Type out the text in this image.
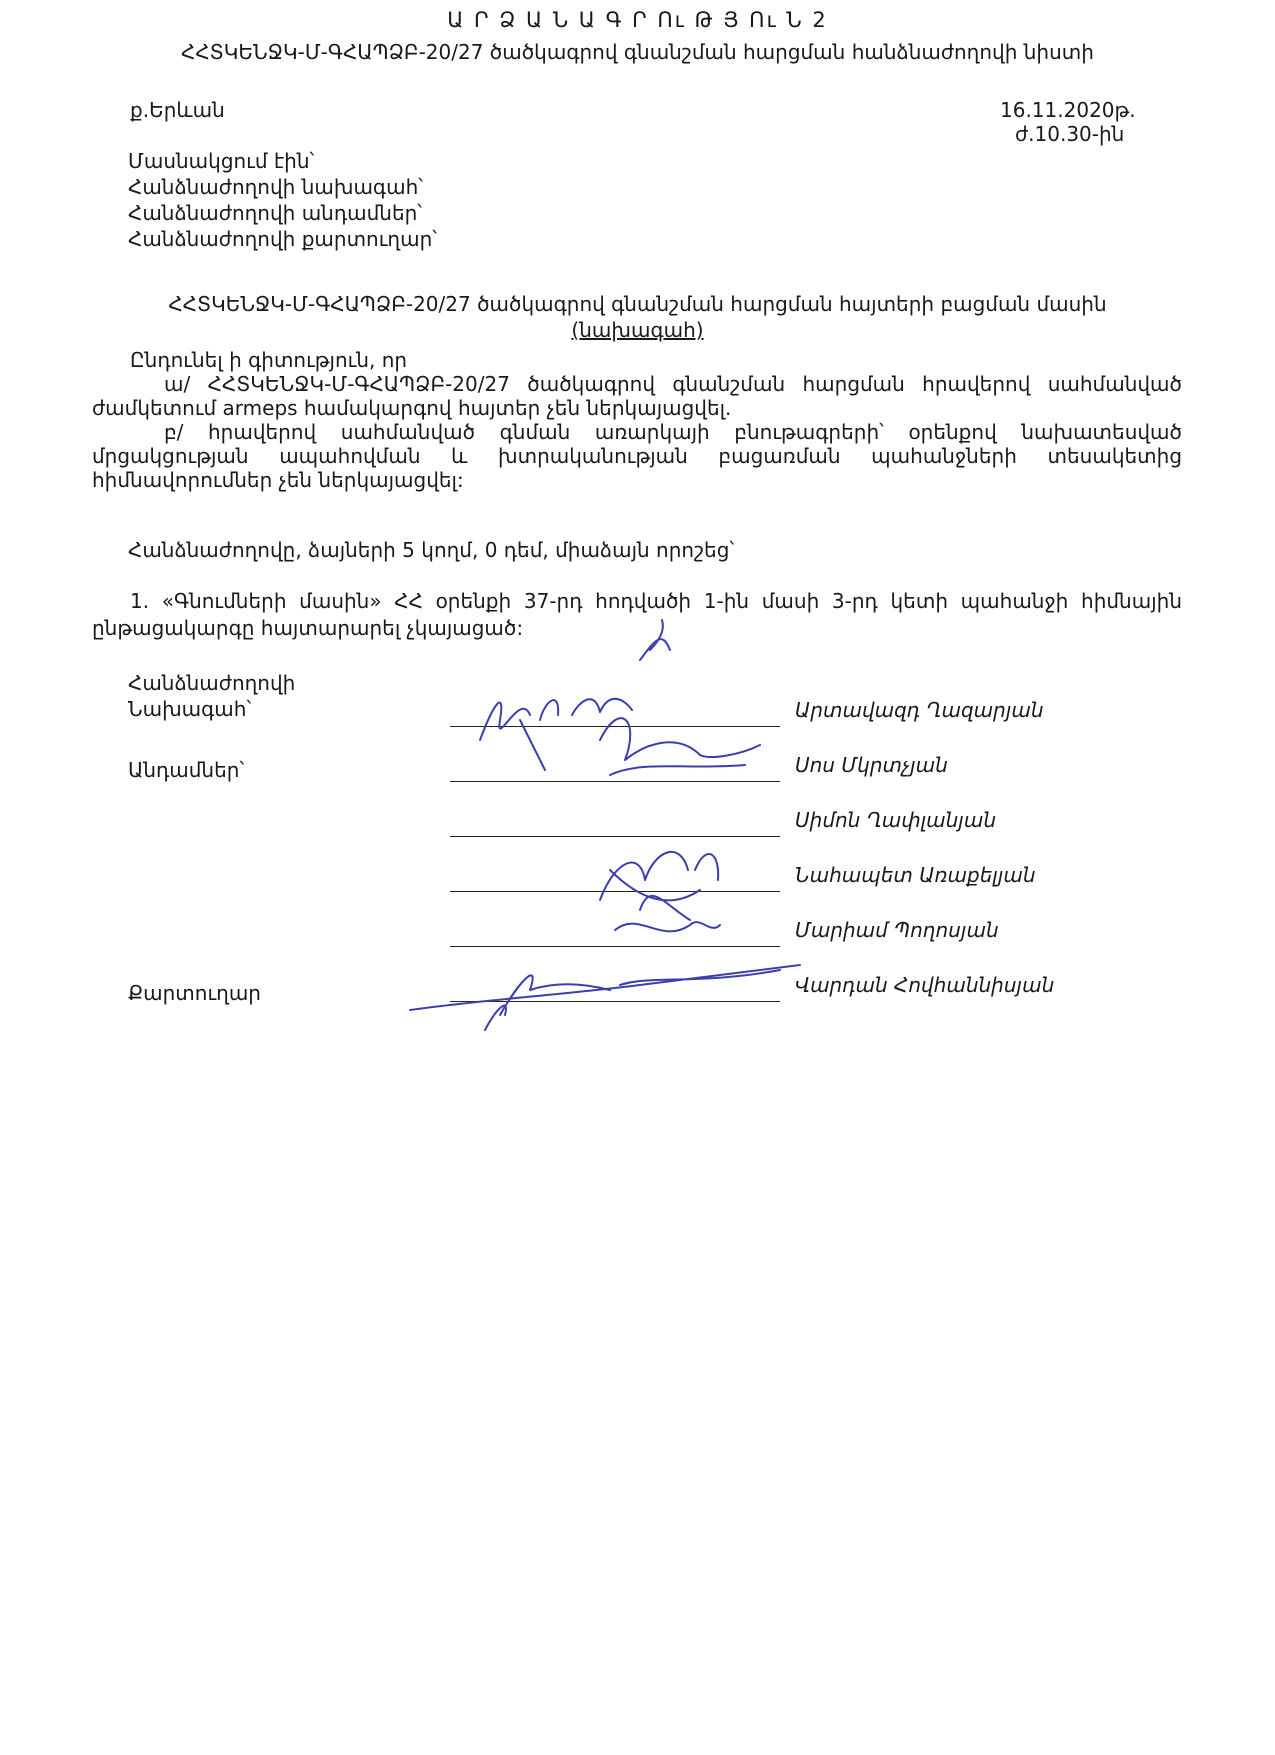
Ա Ր Ձ Ա Ն Ա Գ Ր Ու Թ Յ Ու Ն 2
ՀՀՏԿԵՆՋԿ-Մ-ԳՀԱՊՁԲ-20/27 ծածկագրով գնանշման հարցման հանձնաժողովի նիստի
ք.Երևան	16.11.2020թ.
ժ.10.30-ին
Մասնակցում էին՝
Հանձնաժողովի նախագահ՝
Հանձնաժողովի անդամներ՝
Հանձնաժողովի քարտուղար՝
ՀՀՏԿԵՆՋԿ-Մ-ԳՀԱՊՁԲ-20/27 ծածկագրով գնանշման հարցման հայտերի բացման մասին
(նախագահ)

Ընդունել ի գիտություն, որ

ա/ ՀՀՏԿԵՆՋԿ-Մ-ԳՀԱՊՁԲ-20/27 ծածկագրով գնանշման հարցման հրավերով սահմանված ժամկետում armeps համակարգով հայտեր չեն ներկայացվել.

բ/ հրավերով սահմանված գնման առարկայի բնութագրերի՝ օրենքով նախատեսված մրցակցության ապահովման և խտրականության բացառման պահանջների տեսակետից հիմնավորումներ չեն ներկայացվել:

Հանձնաժողովը, ձայների 5 կողմ, 0 դեմ, միաձայն որոշեց՝
1. «Գնումների մասին» ՀՀ օրենքի 37-րդ հոդվածի 1-ին մասի 3-րդ կետի պահանջի հիմնային ընթացակարգը հայտարարել չկայացած:
Հանձնաժողովի
Նախագահ՝
Անդամներ՝
Քարտուղար
Արտավազդ Ղազարյան
Սոս Մկրտչյան
Սիմոն Ղափլանյան
Նահապետ Առաքելյան
Մարիամ Պողոսյան
Վարդան Հովհաննիսյան
